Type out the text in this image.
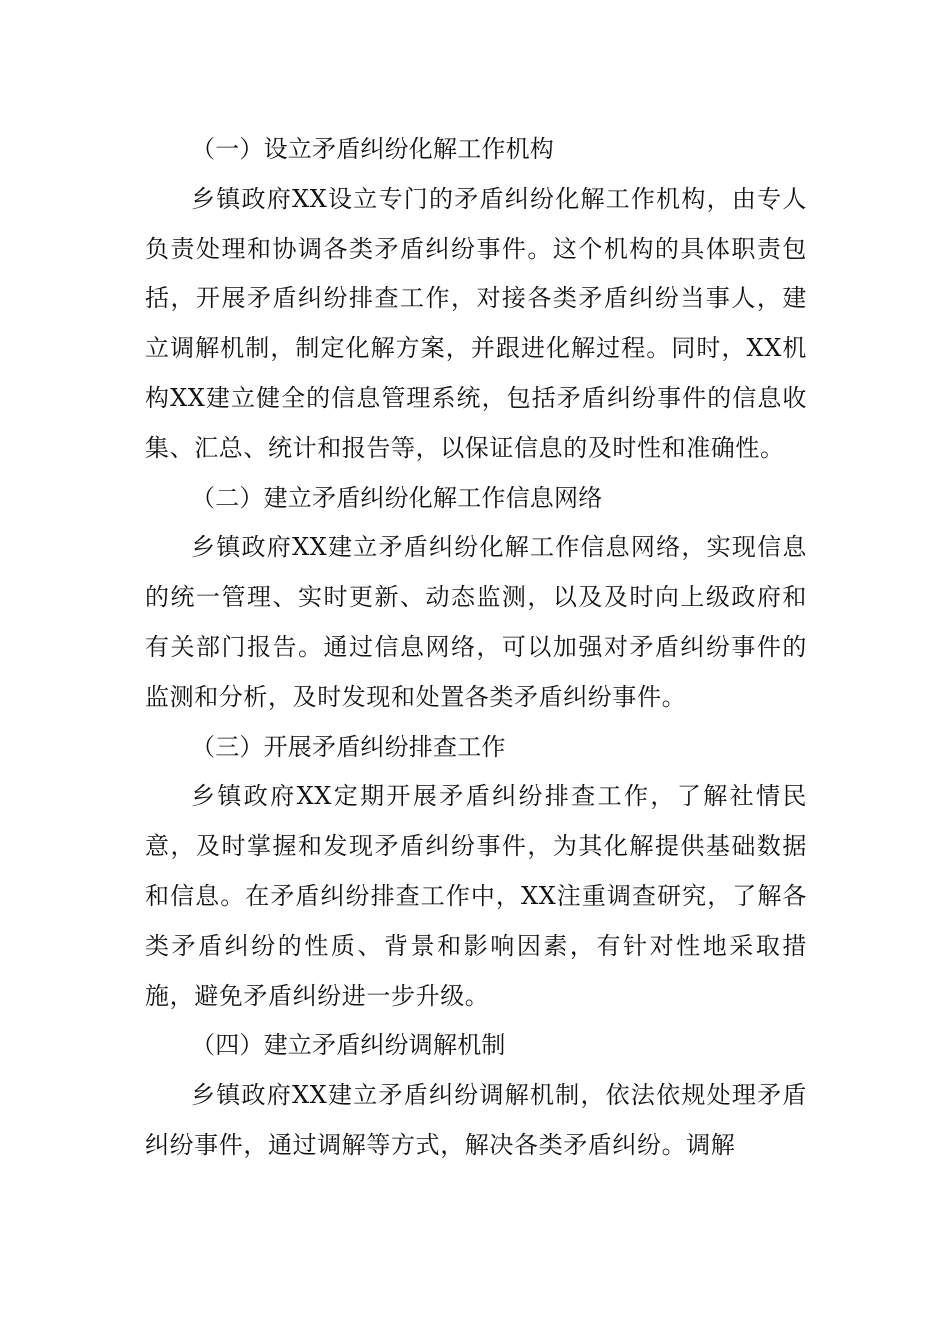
（一）设立矛盾纠纷化解工作机构

乡镇政府XX设立专门的矛盾纠纷化解工作机构，由专人负责处理和协调各类矛盾纠纷事件。这个机构的具体职责包括，开展矛盾纠纷排查工作，对接各类矛盾纠纷当事人，建立调解机制，制定化解方案，并跟进化解过程。同时，XX机构XX建立健全的信息管理系统，包括矛盾纠纷事件的信息收集、汇总、统计和报告等，以保证信息的及时性和准确性。

（二）建立矛盾纠纷化解工作信息网络

乡镇政府XX建立矛盾纠纷化解工作信息网络，实现信息的统一管理、实时更新、动态监测，以及及时向上级政府和有关部门报告。通过信息网络，可以加强对矛盾纠纷事件的监测和分析，及时发现和处置各类矛盾纠纷事件。

（三）开展矛盾纠纷排查工作

乡镇政府XX定期开展矛盾纠纷排查工作，了解社情民意，及时掌握和发现矛盾纠纷事件，为其化解提供基础数据和信息。在矛盾纠纷排查工作中，XX注重调查研究，了解各类矛盾纠纷的性质、背景和影响因素，有针对性地采取措施，避免矛盾纠纷进一步升级。

（四）建立矛盾纠纷调解机制

乡镇政府XX建立矛盾纠纷调解机制，依法依规处理矛盾纠纷事件，通过调解等方式，解决各类矛盾纠纷。调解
